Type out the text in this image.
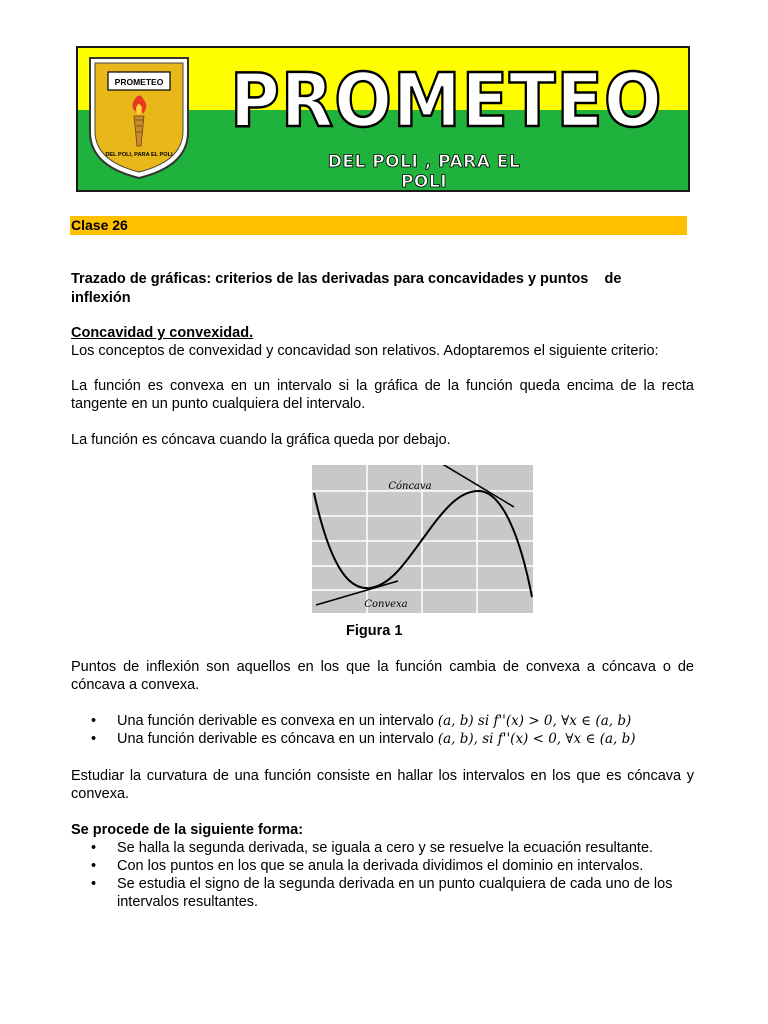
PROMETEO
DEL POLI, PARA EL POLI
PROMETEO
DEL POLI , PARA EL POLI
Clase 26
Trazado de gráficas: criterios de las derivadas para concavidades y puntos    de
inflexión
Concavidad y convexidad.
Los conceptos de convexidad y concavidad son relativos. Adoptaremos el siguiente criterio:
La función es convexa en un intervalo si la gráfica de la función queda encima de la recta tangente en un punto cualquiera del intervalo.
La función es cóncava cuando la gráfica queda por debajo.
Cóncava
Convexa
Figura 1
Puntos de inflexión son aquellos en los que la función cambia de convexa a cóncava o de cóncava a convexa.
• Una función derivable es convexa en un intervalo (a, b) si f''(x) > 0, ∀x ∈ (a, b)
• Una función derivable es cóncava en un intervalo (a, b), si f''(x) < 0, ∀x ∈ (a, b)
Estudiar la curvatura de una función consiste en hallar los intervalos en los que es cóncava y convexa.
Se procede de la siguiente forma:
• Se halla la segunda derivada, se iguala a cero y se resuelve la ecuación resultante.
• Con los puntos en los que se anula la derivada dividimos el dominio en intervalos.
• Se estudia el signo de la segunda derivada en un punto cualquiera de cada uno de los intervalos resultantes.
